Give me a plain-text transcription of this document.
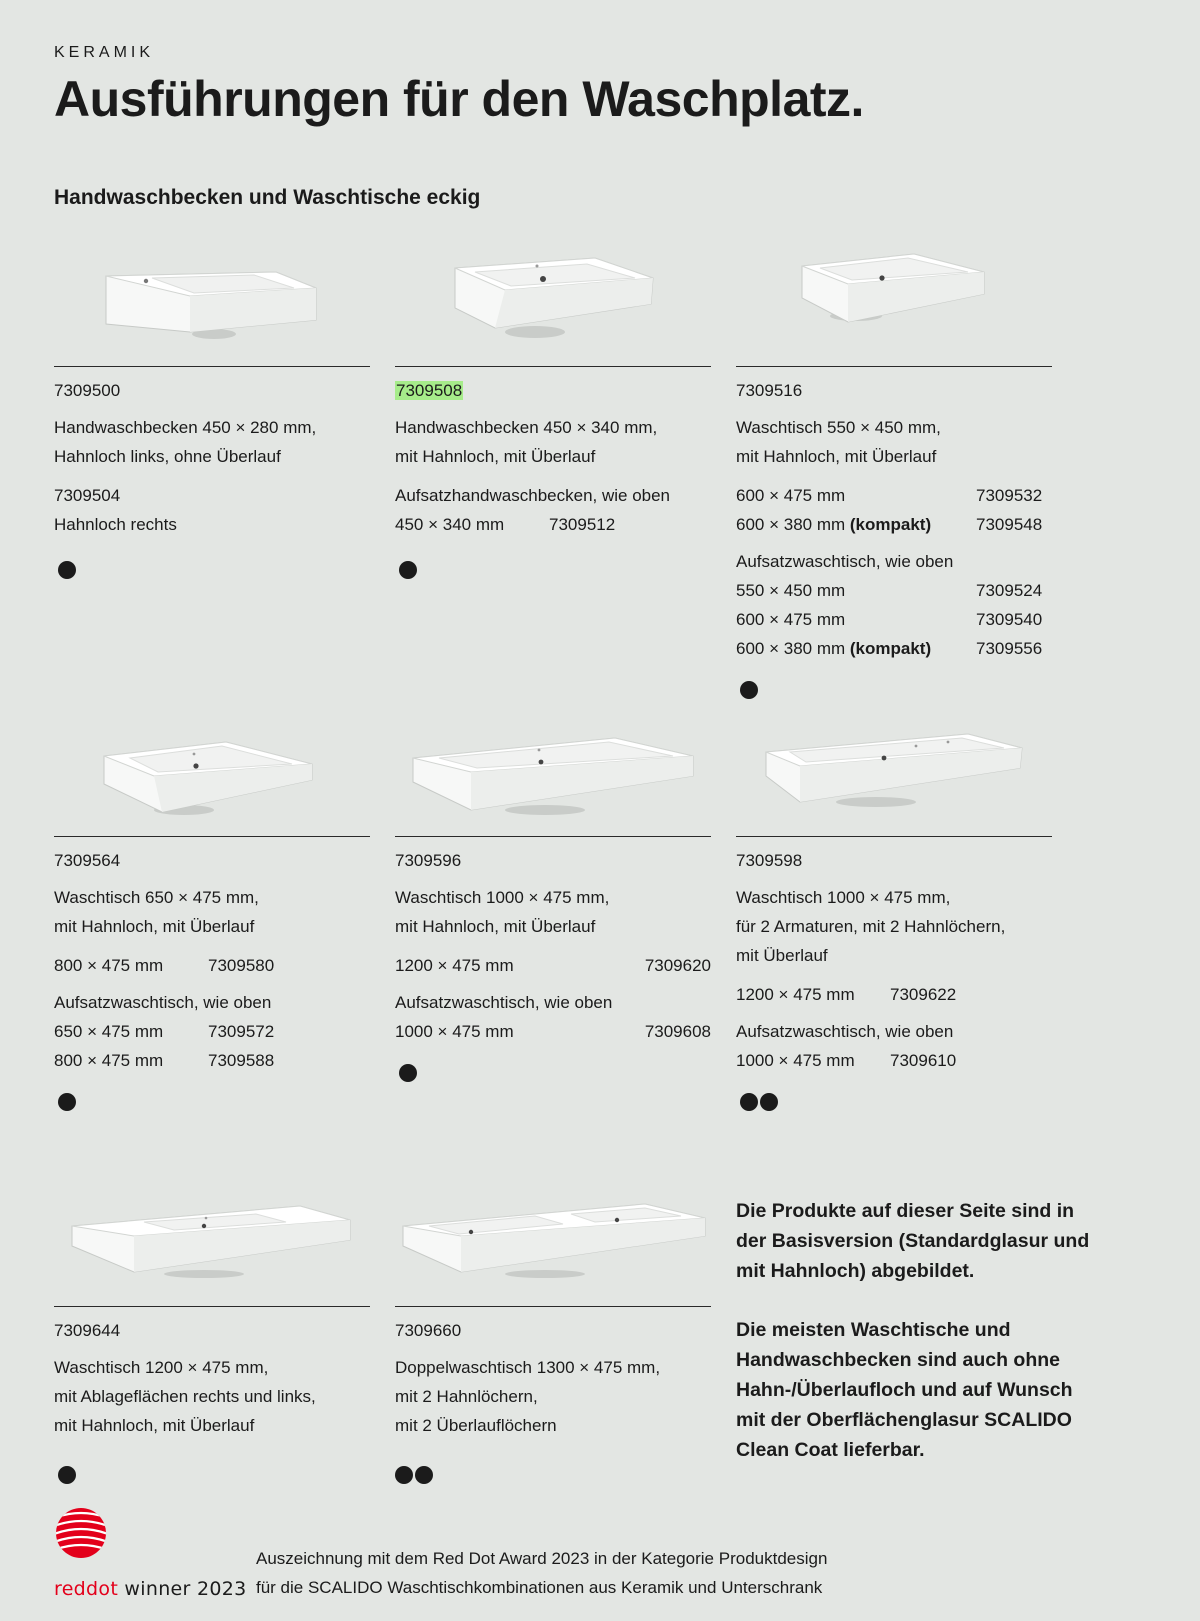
KERAMIK
Ausführungen für den Waschplatz.
Handwaschbecken und Waschtische eckig
7309500
Handwaschbecken 450 × 280 mm,
Hahnloch links, ohne Überlauf
7309504
Hahnloch rechts
7309508
Handwaschbecken 450 × 340 mm,
mit Hahnloch, mit Überlauf
Aufsatzhandwaschbecken, wie oben
450 × 340 mm	7309512
7309516
Waschtisch 550 × 450 mm,
mit Hahnloch, mit Überlauf
600 × 475 mm	7309532
600 × 380 mm (kompakt)	7309548
Aufsatzwaschtisch, wie oben
550 × 450 mm	7309524
600 × 475 mm	7309540
600 × 380 mm (kompakt)	7309556
7309564
Waschtisch 650 × 475 mm,
mit Hahnloch, mit Überlauf
800 × 475 mm	7309580
Aufsatzwaschtisch, wie oben
650 × 475 mm	7309572
800 × 475 mm	7309588
7309596
Waschtisch 1000 × 475 mm,
mit Hahnloch, mit Überlauf
1200 × 475 mm	7309620
Aufsatzwaschtisch, wie oben
1000 × 475 mm	7309608
7309598
Waschtisch 1000 × 475 mm,
für 2 Armaturen, mit 2 Hahnlöchern,
mit Überlauf
1200 × 475 mm	7309622
Aufsatzwaschtisch, wie oben
1000 × 475 mm	7309610
7309644
Waschtisch 1200 × 475 mm,
mit Ablageflächen rechts und links,
mit Hahnloch, mit Überlauf
7309660
Doppelwaschtisch 1300 × 475 mm,
mit 2 Hahnlöchern,
mit 2 Überlauflöchern

Die Produkte auf dieser Seite sind in der Basisversion (Standardglasur und mit Hahnloch) abgebildet.

Die meisten Waschtische und Handwaschbecken sind auch ohne Hahn-/Überlaufloch und auf Wunsch mit der Oberflächenglasur SCALIDO Clean Coat lieferbar.

reddot winner 2023
Auszeichnung mit dem Red Dot Award 2023 in der Kategorie Produktdesign
für die SCALIDO Waschtischkombinationen aus Keramik und Unterschrank
